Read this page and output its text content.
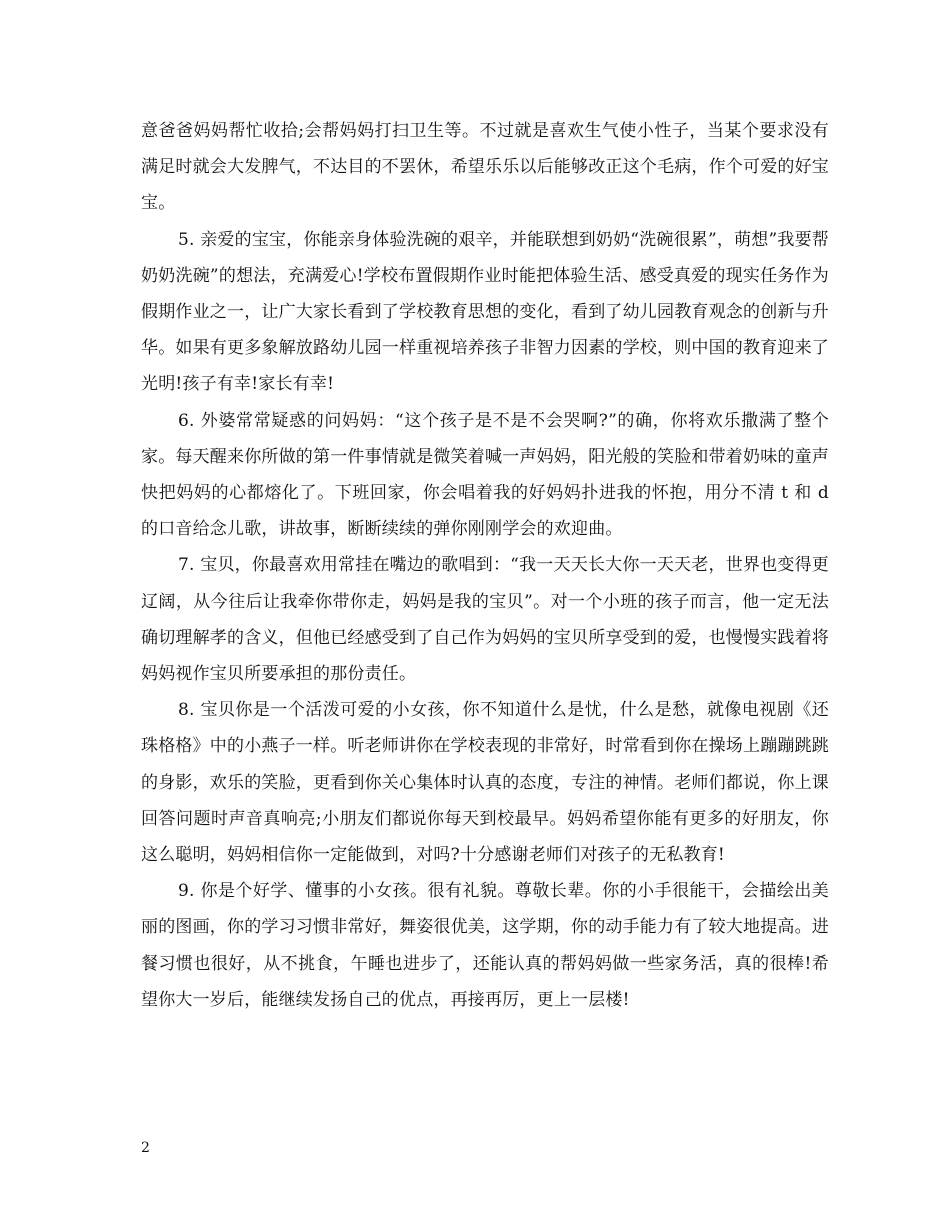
意爸爸妈妈帮忙收拾;会帮妈妈打扫卫生等。不过就是喜欢生气使小性子，当某个要求没有满足时就会大发脾气，不达目的不罢休，希望乐乐以后能够改正这个毛病，作个可爱的好宝宝。

5. 亲爱的宝宝，你能亲身体验洗碗的艰辛，并能联想到奶奶“洗碗很累”，萌想”我要帮奶奶洗碗”的想法，充满爱心!学校布置假期作业时能把体验生活、感受真爱的现实任务作为假期作业之一，让广大家长看到了学校教育思想的变化，看到了幼儿园教育观念的创新与升华。如果有更多象解放路幼儿园一样重视培养孩子非智力因素的学校，则中国的教育迎来了光明!孩子有幸!家长有幸!

6. 外婆常常疑惑的问妈妈：“这个孩子是不是不会哭啊?”的确，你将欢乐撒满了整个家。每天醒来你所做的第一件事情就是微笑着喊一声妈妈，阳光般的笑脸和带着奶味的童声快把妈妈的心都熔化了。下班回家，你会唱着我的好妈妈扑进我的怀抱，用分不清 t 和 d 的口音给念儿歌，讲故事，断断续续的弹你刚刚学会的欢迎曲。

7. 宝贝，你最喜欢用常挂在嘴边的歌唱到：“我一天天长大你一天天老，世界也变得更辽阔，从今往后让我牵你带你走，妈妈是我的宝贝”。对一个小班的孩子而言，他一定无法确切理解孝的含义，但他已经感受到了自己作为妈妈的宝贝所享受到的爱，也慢慢实践着将妈妈视作宝贝所要承担的那份责任。

8. 宝贝你是一个活泼可爱的小女孩，你不知道什么是忧，什么是愁，就像电视剧《还珠格格》中的小燕子一样。听老师讲你在学校表现的非常好，时常看到你在操场上蹦蹦跳跳的身影，欢乐的笑脸，更看到你关心集体时认真的态度，专注的神情。老师们都说，你上课回答问题时声音真响亮;小朋友们都说你每天到校最早。妈妈希望你能有更多的好朋友，你这么聪明，妈妈相信你一定能做到，对吗?十分感谢老师们对孩子的无私教育!

9. 你是个好学、懂事的小女孩。很有礼貌。尊敬长辈。你的小手很能干，会描绘出美丽的图画，你的学习习惯非常好，舞姿很优美，这学期，你的动手能力有了较大地提高。进餐习惯也很好，从不挑食，午睡也进步了，还能认真的帮妈妈做一些家务活，真的很棒!希望你大一岁后，能继续发扬自己的优点，再接再厉，更上一层楼!

2
